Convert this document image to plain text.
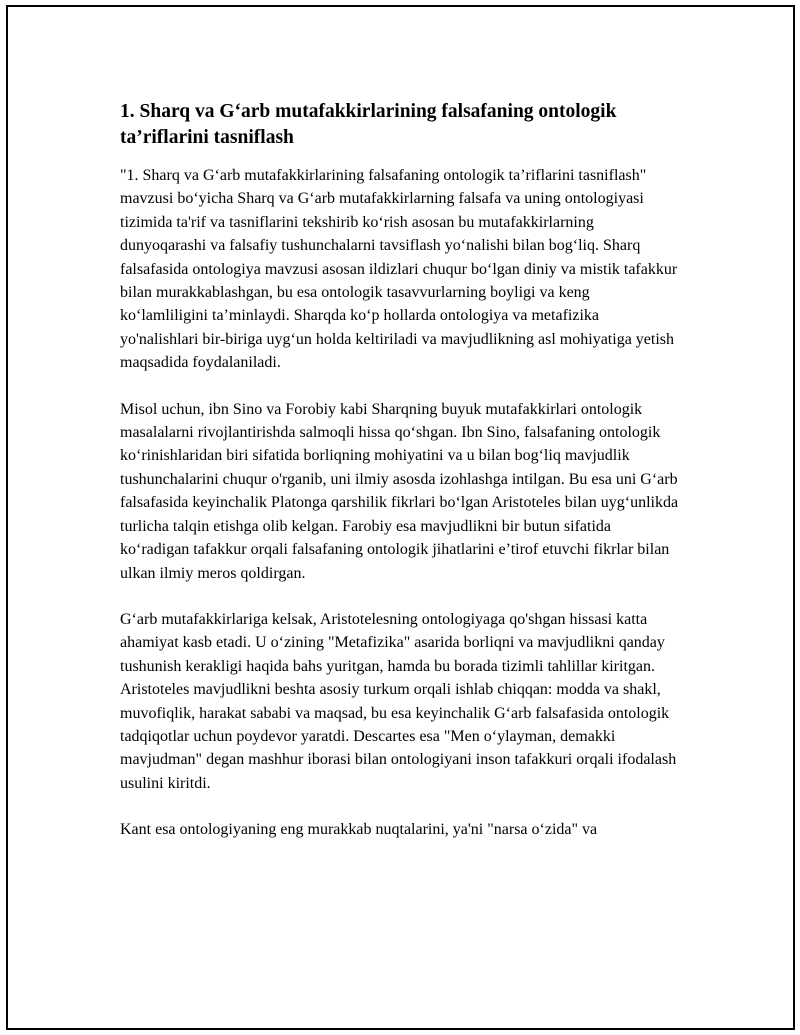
1. Sharq va G‘arb mutafakkirlarining falsafaning ontologik ta’riflarini tasniflash

"1. Sharq va G‘arb mutafakkirlarining falsafaning ontologik ta’riflarini tasniflash" mavzusi bo‘yicha Sharq va G‘arb mutafakkirlarning falsafa va uning ontologiyasi tizimida ta'rif va tasniflarini tekshirib ko‘rish asosan bu mutafakkirlarning dunyoqarashi va falsafiy tushunchalarni tavsiflash yo‘nalishi bilan bog‘liq. Sharq falsafasida ontologiya mavzusi asosan ildizlari chuqur bo‘lgan diniy va mistik tafakkur bilan murakkablashgan, bu esa ontologik tasavvurlarning boyligi va keng ko‘lamliligini ta’minlaydi. Sharqda ko‘p hollarda ontologiya va metafizika yo'nalishlari bir-biriga uyg‘un holda keltiriladi va mavjudlikning asl mohiyatiga yetish maqsadida foydalaniladi.

Misol uchun, ibn Sino va Forobiy kabi Sharqning buyuk mutafakkirlari ontologik masalalarni rivojlantirishda salmoqli hissa qo‘shgan. Ibn Sino, falsafaning ontologik ko‘rinishlaridan biri sifatida borliqning mohiyatini va u bilan bog‘liq mavjudlik tushunchalarini chuqur o'rganib, uni ilmiy asosda izohlashga intilgan. Bu esa uni G‘arb falsafasida keyinchalik Platonga qarshilik fikrlari bo‘lgan Aristoteles bilan uyg‘unlikda turlicha talqin etishga olib kelgan. Farobiy esa mavjudlikni bir butun sifatida ko‘radigan tafakkur orqali falsafaning ontologik jihatlarini e’tirof etuvchi fikrlar bilan ulkan ilmiy meros qoldirgan.

G‘arb mutafakkirlariga kelsak, Aristotelesning ontologiyaga qo'shgan hissasi katta ahamiyat kasb etadi. U o‘zining "Metafizika" asarida borliqni va mavjudlikni qanday tushunish kerakligi haqida bahs yuritgan, hamda bu borada tizimli tahlillar kiritgan. Aristoteles mavjudlikni beshta asosiy turkum orqali ishlab chiqqan: modda va shakl, muvofiqlik, harakat sababi va maqsad, bu esa keyinchalik G‘arb falsafasida ontologik tadqiqotlar uchun poydevor yaratdi. Descartes esa "Men o‘ylayman, demakki mavjudman" degan mashhur iborasi bilan ontologiyani inson tafakkuri orqali ifodalash usulini kiritdi.

Kant esa ontologiyaning eng murakkab nuqtalarini, ya'ni "narsa o‘zida" va
